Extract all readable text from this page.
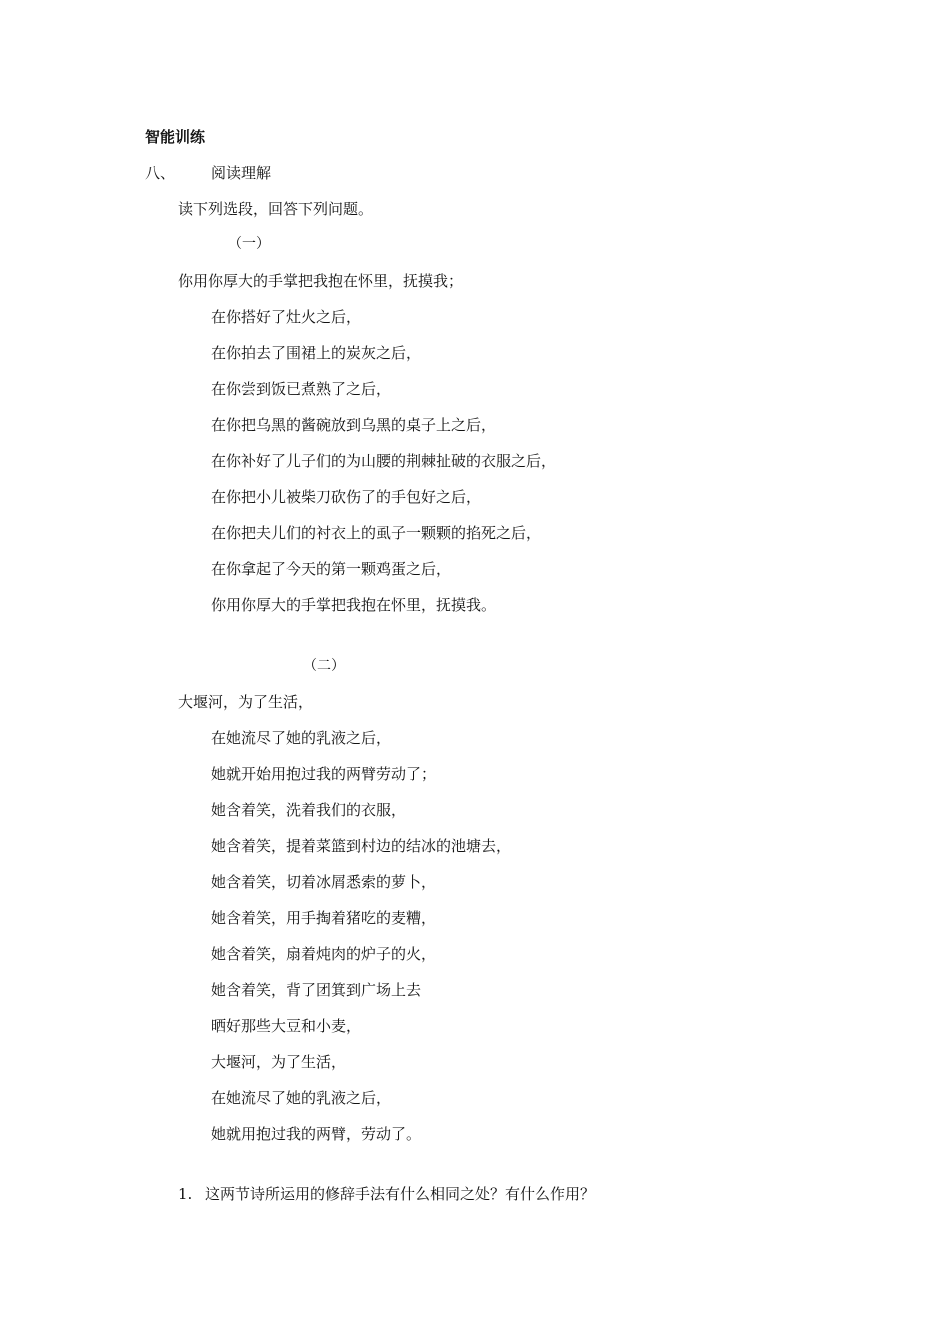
智能训练
八、 阅读理解
读下列选段，回答下列问题。
（一）
你用你厚大的手掌把我抱在怀里，抚摸我；
在你搭好了灶火之后，
在你拍去了围裙上的炭灰之后，
在你尝到饭已煮熟了之后，
在你把乌黑的酱碗放到乌黑的桌子上之后，
在你补好了儿子们的为山腰的荆棘扯破的衣服之后，
在你把小儿被柴刀砍伤了的手包好之后，
在你把夫儿们的衬衣上的虱子一颗颗的掐死之后，
在你拿起了今天的第一颗鸡蛋之后，
你用你厚大的手掌把我抱在怀里，抚摸我。
（二）
大堰河，为了生活，
在她流尽了她的乳液之后，
她就开始用抱过我的两臂劳动了；
她含着笑，洗着我们的衣服，
她含着笑，提着菜篮到村边的结冰的池塘去，
她含着笑，切着冰屑悉索的萝卜，
她含着笑，用手掏着猪吃的麦糟，
她含着笑，扇着炖肉的炉子的火，
她含着笑，背了团箕到广场上去
晒好那些大豆和小麦，
大堰河，为了生活，
在她流尽了她的乳液之后，
她就用抱过我的两臂，劳动了。
1. 这两节诗所运用的修辞手法有什么相同之处？有什么作用？
